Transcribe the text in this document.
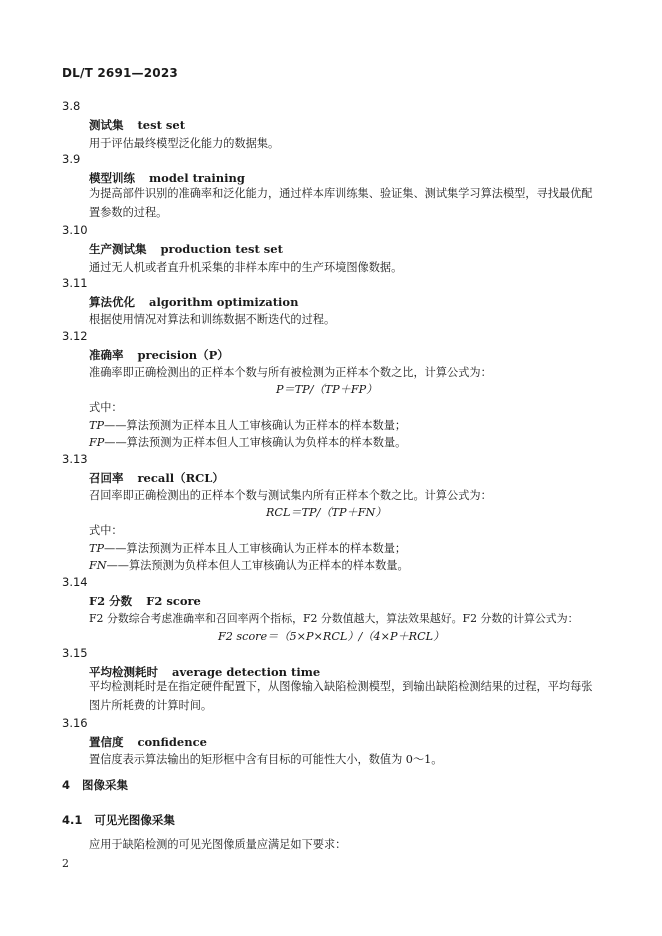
DL/T 2691—2023
3.8
测试集 test set
用于评估最终模型泛化能力的数据集。
3.9
模型训练 model training
为提高部件识别的准确率和泛化能力，通过样本库训练集、验证集、测试集学习算法模型，寻找最优配置参数的过程。
3.10
生产测试集 production test set
通过无人机或者直升机采集的非样本库中的生产环境图像数据。
3.11
算法优化 algorithm optimization
根据使用情况对算法和训练数据不断迭代的过程。
3.12
准确率 precision（P）
准确率即正确检测出的正样本个数与所有被检测为正样本个数之比，计算公式为：
P＝TP/（TP＋FP）
式中：
TP——算法预测为正样本且人工审核确认为正样本的样本数量；
FP——算法预测为正样本但人工审核确认为负样本的样本数量。
3.13
召回率 recall（RCL）
召回率即正确检测出的正样本个数与测试集内所有正样本个数之比。计算公式为：
RCL＝TP/（TP＋FN）
式中：
TP——算法预测为正样本且人工审核确认为正样本的样本数量；
FN——算法预测为负样本但人工审核确认为正样本的样本数量。
3.14
F2 分数 F2 score
F2 分数综合考虑准确率和召回率两个指标，F2 分数值越大，算法效果越好。F2 分数的计算公式为：
F2 score＝（5×P×RCL）/（4×P＋RCL）
3.15
平均检测耗时 average detection time
平均检测耗时是在指定硬件配置下，从图像输入缺陷检测模型，到输出缺陷检测结果的过程，平均每张图片所耗费的计算时间。
3.16
置信度 confidence
置信度表示算法输出的矩形框中含有目标的可能性大小，数值为 0～1。
4 图像采集
4.1 可见光图像采集
应用于缺陷检测的可见光图像质量应满足如下要求：
2
